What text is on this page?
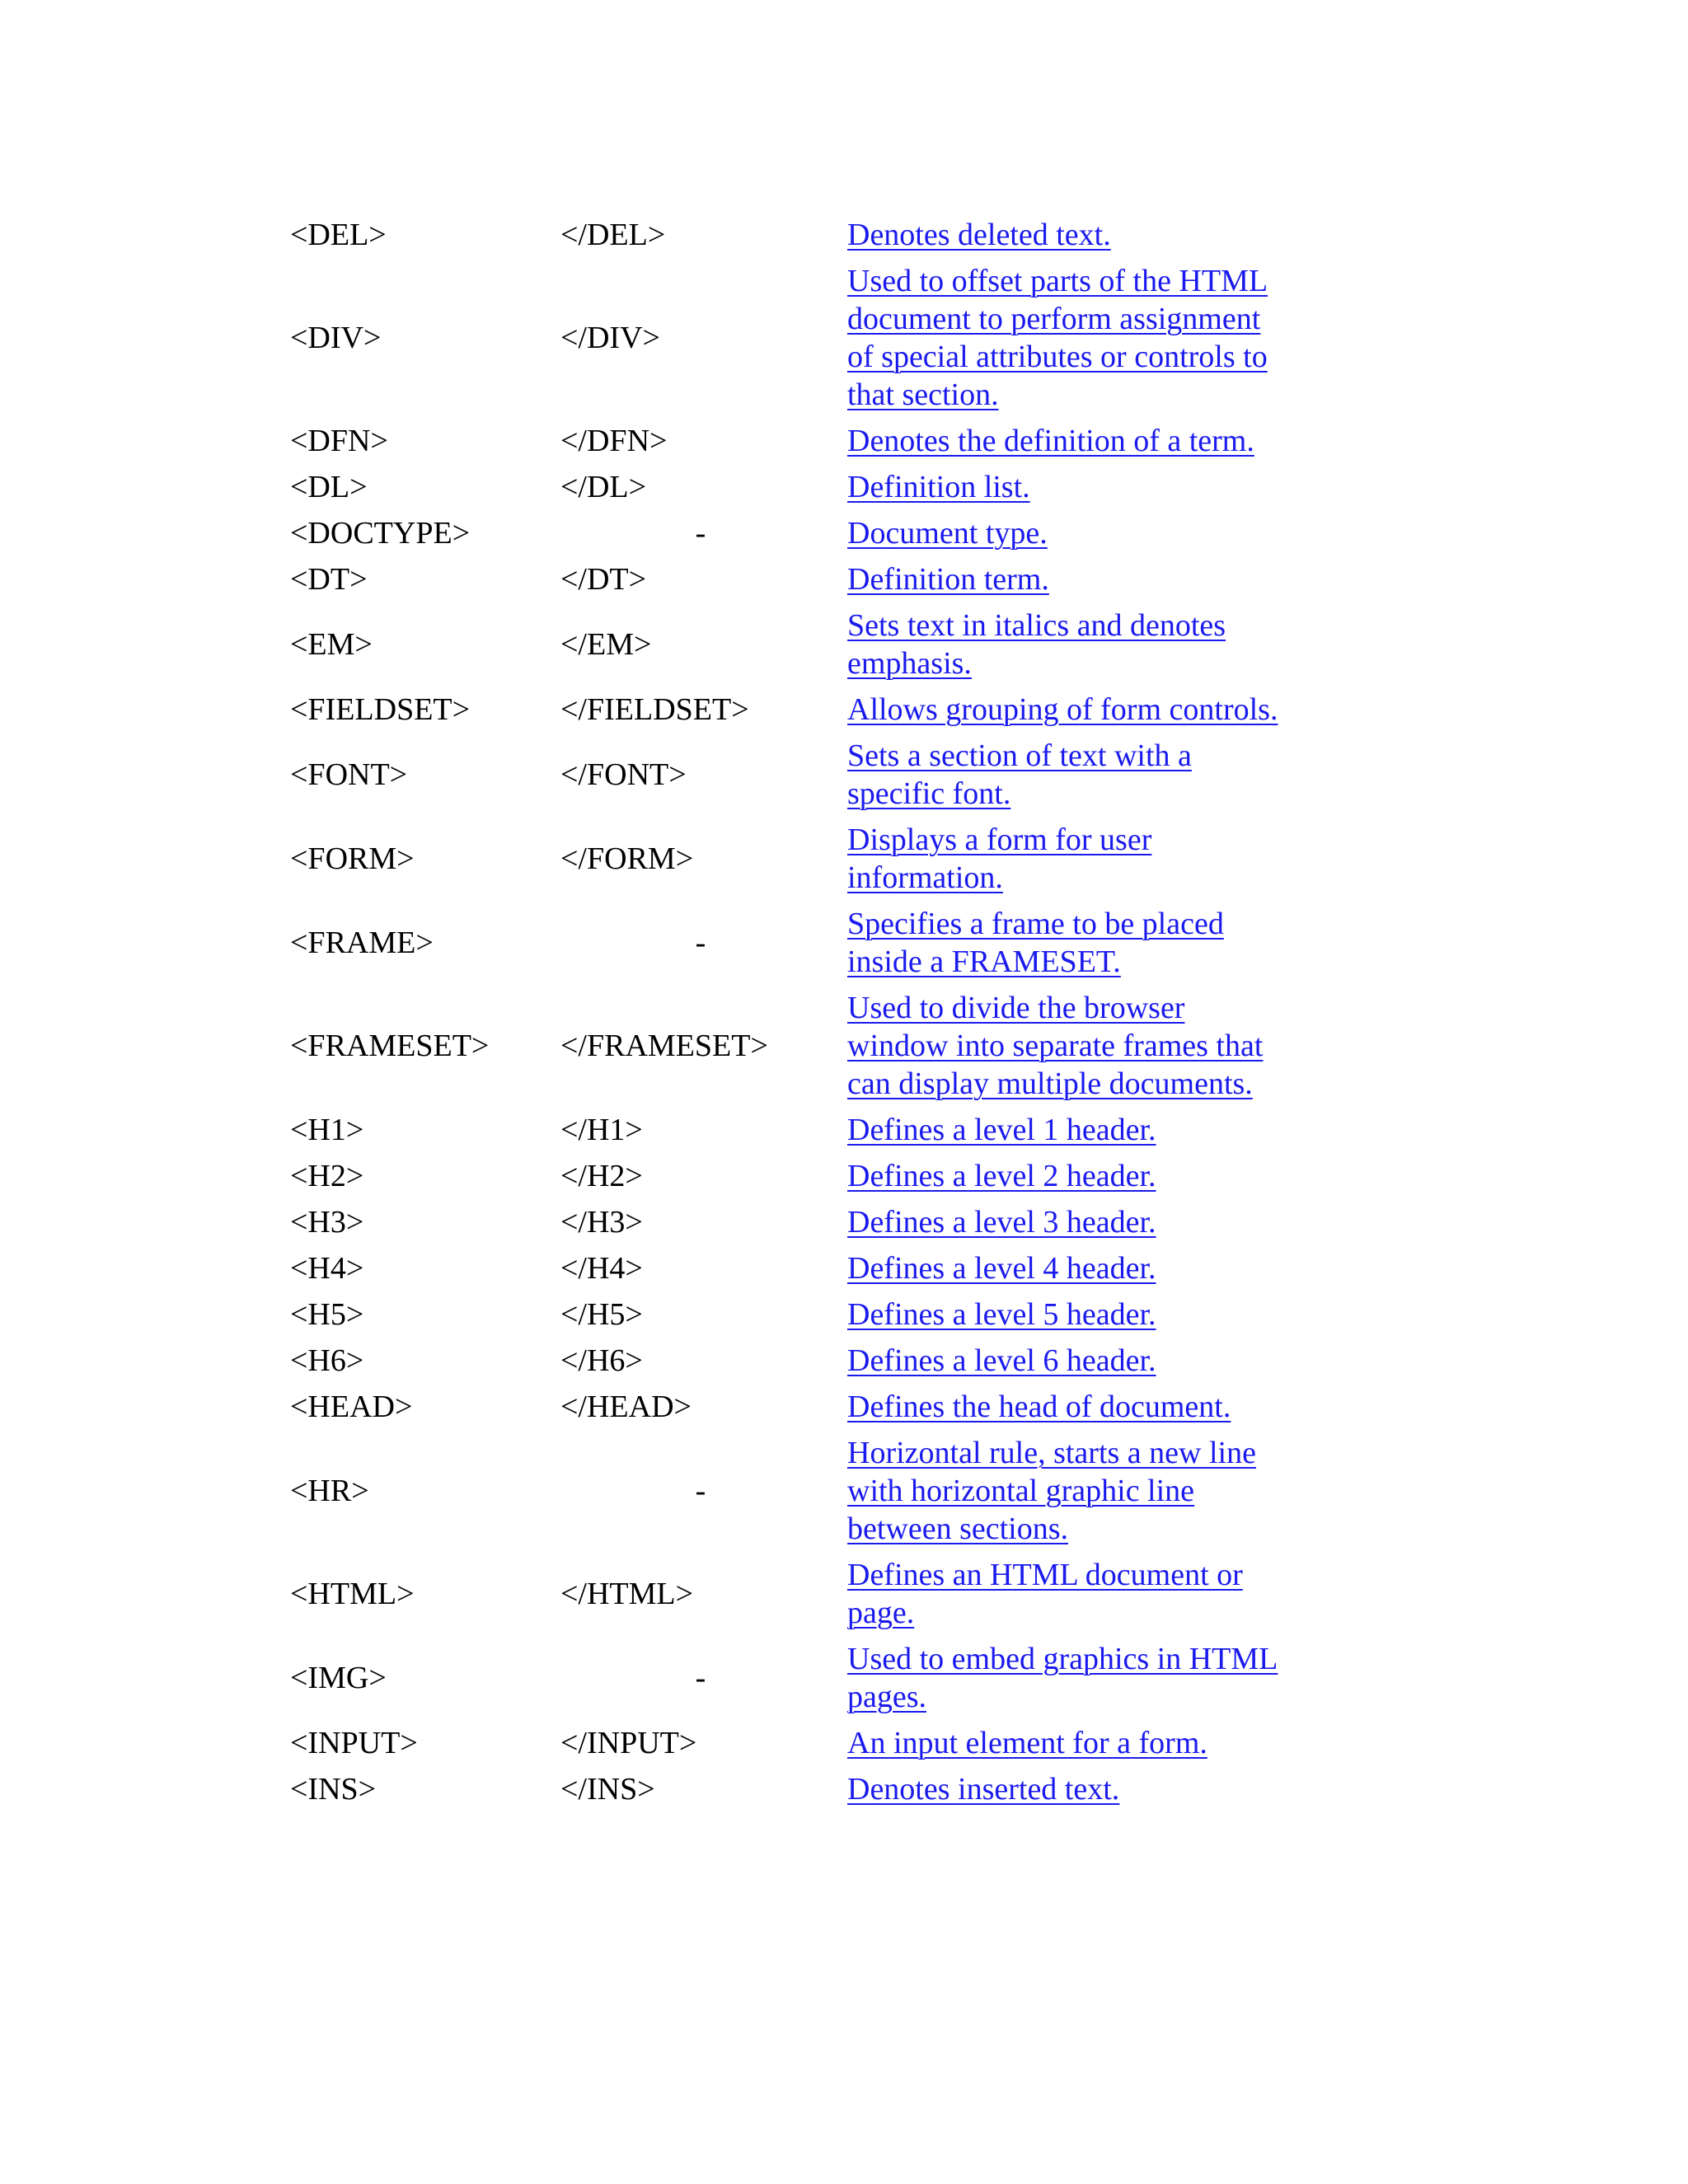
<DEL>	</DEL>	Denotes deleted text.
<DIV>	</DIV>	Used to offset parts of the HTML document to perform assignment of special attributes or controls to that section.
<DFN>	</DFN>	Denotes the definition of a term.
<DL>	</DL>	Definition list.
<DOCTYPE>	-	Document type.
<DT>	</DT>	Definition term.
<EM>	</EM>	Sets text in italics and denotes emphasis.
<FIELDSET>	</FIELDSET>	Allows grouping of form controls.
<FONT>	</FONT>	Sets a section of text with a specific font.
<FORM>	</FORM>	Displays a form for user information.
<FRAME>	-	Specifies a frame to be placed inside a FRAMESET.
<FRAMESET>	</FRAMESET>	Used to divide the browser window into separate frames that can display multiple documents.
<H1>	</H1>	Defines a level 1 header.
<H2>	</H2>	Defines a level 2 header.
<H3>	</H3>	Defines a level 3 header.
<H4>	</H4>	Defines a level 4 header.
<H5>	</H5>	Defines a level 5 header.
<H6>	</H6>	Defines a level 6 header.
<HEAD>	</HEAD>	Defines the head of document.
<HR>	-	Horizontal rule, starts a new line with horizontal graphic line between sections.
<HTML>	</HTML>	Defines an HTML document or page.
<IMG>	-	Used to embed graphics in HTML pages.
<INPUT>	</INPUT>	An input element for a form.
<INS>	</INS>	Denotes inserted text.
